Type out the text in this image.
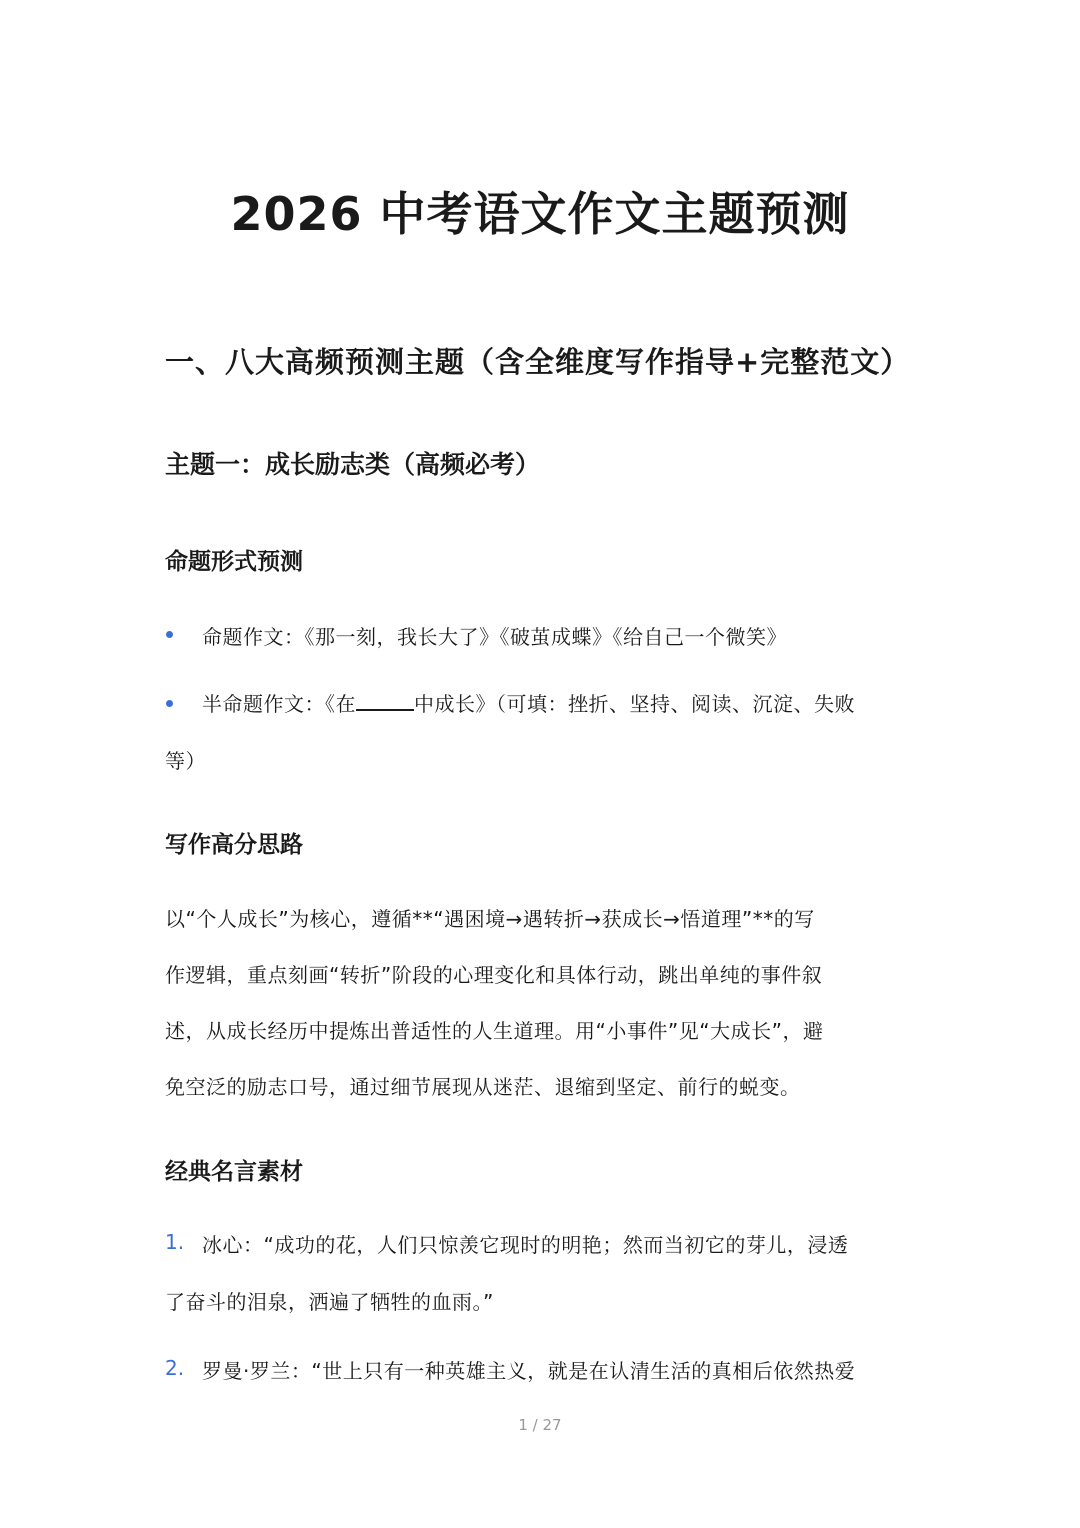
2026 中考语文作文主题预测
一、八大高频预测主题（含全维度写作指导+完整范文）
主题一：成长励志类（高频必考）
命题形式预测
命题作文：《那一刻，我长大了》《破茧成蝶》《给自己一个微笑》
半命题作文：《在	中成长》（可填：挫折、坚持、阅读、沉淀、失败
等）
写作高分思路
以“个人成长”为核心，遵循**“遇困境→遇转折→获成长→悟道理”**的写
作逻辑，重点刻画“转折”阶段的心理变化和具体行动，跳出单纯的事件叙
述，从成长经历中提炼出普适性的人生道理。用“小事件”见“大成长”，避
免空泛的励志口号，通过细节展现从迷茫、退缩到坚定、前行的蜕变。
经典名言素材
1. 冰心：“成功的花，人们只惊羡它现时的明艳；然而当初它的芽儿，浸透
了奋斗的泪泉，洒遍了牺牲的血雨。”
2. 罗曼·罗兰：“世上只有一种英雄主义，就是在认清生活的真相后依然热爱
1 / 27
